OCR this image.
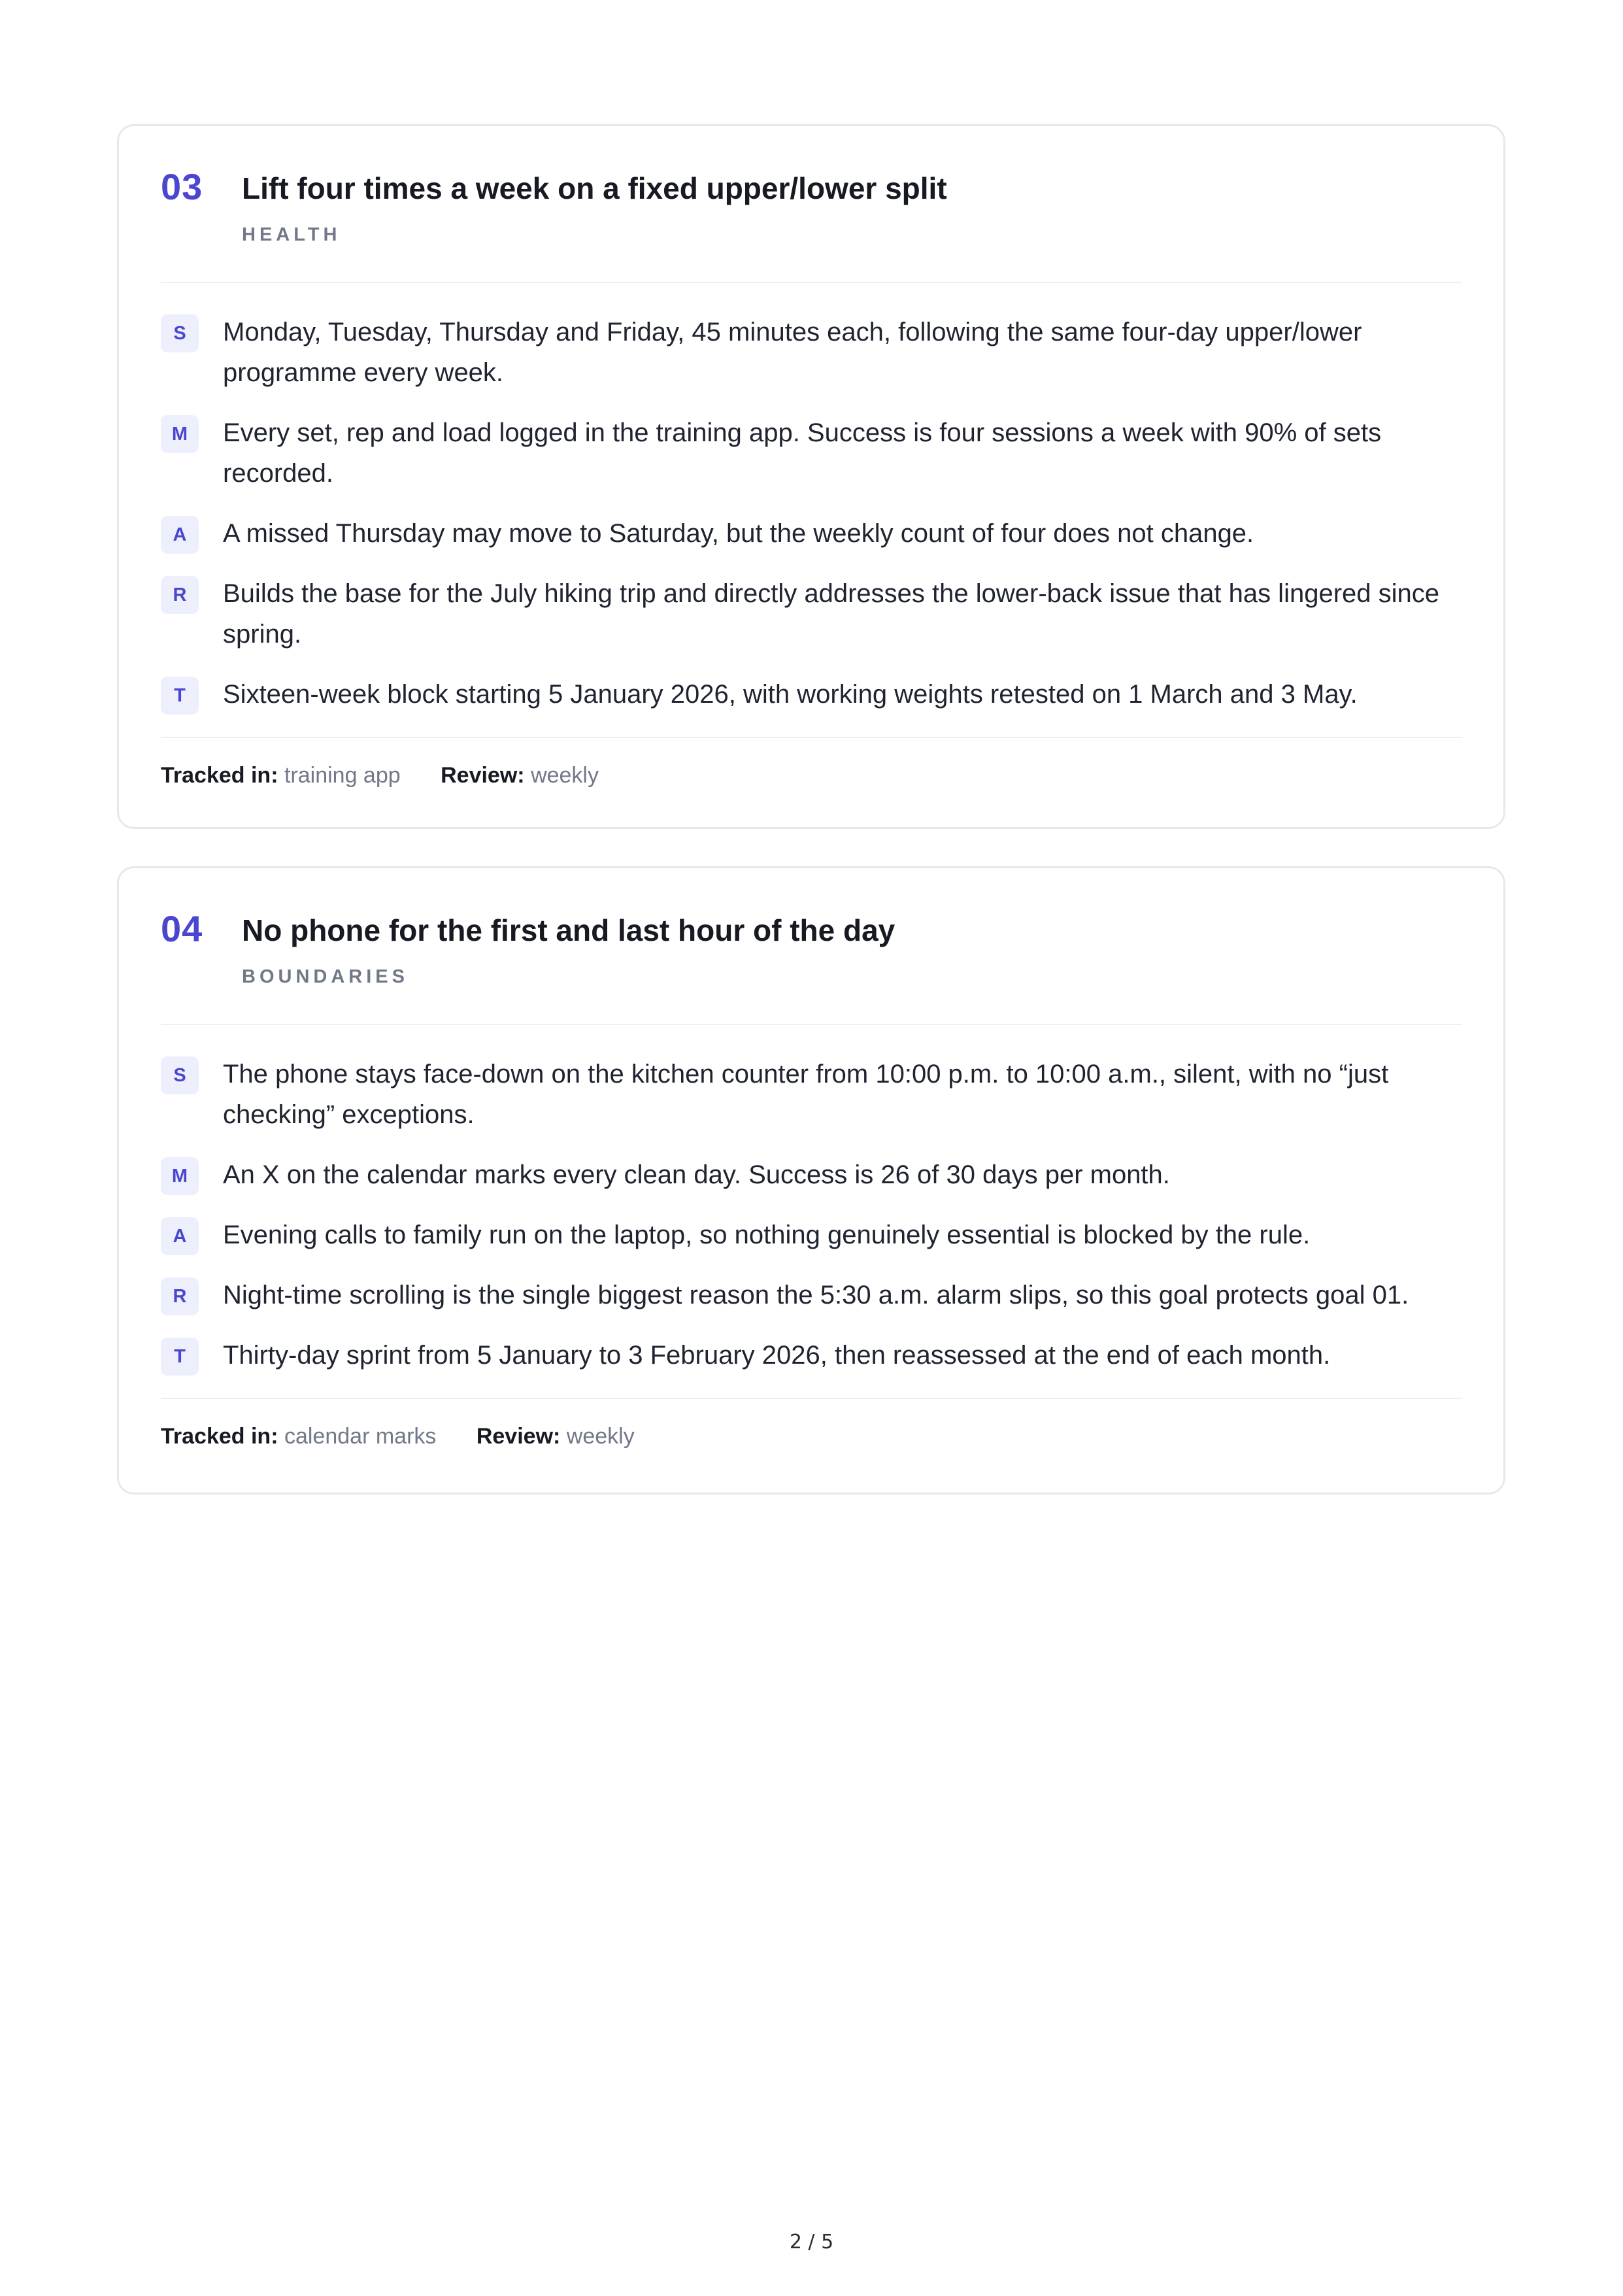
03 Lift four times a week on a fixed upper/lower split
HEALTH
S	Monday, Tuesday, Thursday and Friday, 45 minutes each, following the same four-day upper/lower programme every week.
M	Every set, rep and load logged in the training app. Success is four sessions a week with 90% of sets recorded.
A	A missed Thursday may move to Saturday, but the weekly count of four does not change.
R	Builds the base for the July hiking trip and directly addresses the lower-back issue that has lingered since spring.
T	Sixteen-week block starting 5 January 2026, with working weights retested on 1 March and 3 May.
Tracked in: training app Review: weekly
04 No phone for the first and last hour of the day
BOUNDARIES
S	The phone stays face-down on the kitchen counter from 10:00 p.m. to 10:00 a.m., silent, with no “just checking” exceptions.
M	An X on the calendar marks every clean day. Success is 26 of 30 days per month.
A	Evening calls to family run on the laptop, so nothing genuinely essential is blocked by the rule.
R	Night-time scrolling is the single biggest reason the 5:30 a.m. alarm slips, so this goal protects goal 01.
T	Thirty-day sprint from 5 January to 3 February 2026, then reassessed at the end of each month.
Tracked in: calendar marks Review: weekly
2 / 5
